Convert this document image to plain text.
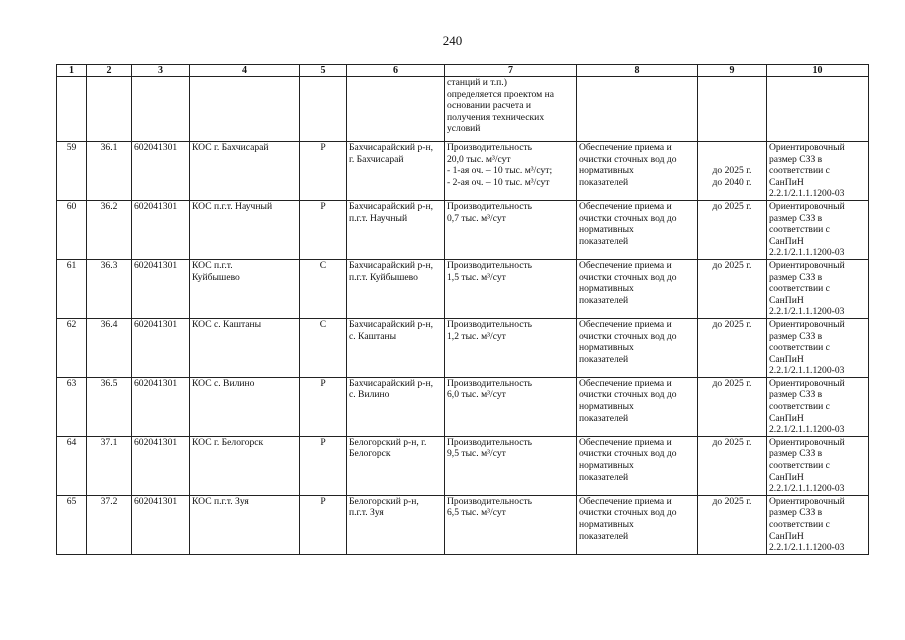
240
1	2	3	4	5	6	7	8	9	10

						станций и т.п.)
определяется проектом на
основании расчета и
получения технических
условий			

59	36.1	602041301	КОС г. Бахчисарай	Р	Бахчисарайский р-н,
г. Бахчисарай	Производительность
20,0 тыс. м³/сут
- 1-ая оч. – 10 тыс. м³/сут;
- 2-ая оч. – 10 тыс. м³/сут	Обеспечение приема и
очистки сточных вод до
нормативных
показателей	до 2025 г.
до 2040 г.	Ориентировочный
размер СЗЗ в
соответствии с
СанПиН
2.2.1/2.1.1.1200-03

60	36.2	602041301	КОС п.г.т. Научный	Р	Бахчисарайский р-н,
п.г.т. Научный	Производительность
0,7 тыс. м³/сут	Обеспечение приема и
очистки сточных вод до
нормативных
показателей	до 2025 г.	Ориентировочный
размер СЗЗ в
соответствии с
СанПиН
2.2.1/2.1.1.1200-03

61	36.3	602041301	КОС п.г.т.
Куйбышево	С	Бахчисарайский р-н,
п.г.т. Куйбышево	Производительность
1,5 тыс. м³/сут	Обеспечение приема и
очистки сточных вод до
нормативных
показателей	до 2025 г.	Ориентировочный
размер СЗЗ в
соответствии с
СанПиН
2.2.1/2.1.1.1200-03

62	36.4	602041301	КОС с. Каштаны	С	Бахчисарайский р-н,
с. Каштаны	Производительность
1,2 тыс. м³/сут	Обеспечение приема и
очистки сточных вод до
нормативных
показателей	до 2025 г.	Ориентировочный
размер СЗЗ в
соответствии с
СанПиН
2.2.1/2.1.1.1200-03

63	36.5	602041301	КОС с. Вилино	Р	Бахчисарайский р-н,
с. Вилино	Производительность
6,0 тыс. м³/сут	Обеспечение приема и
очистки сточных вод до
нормативных
показателей	до 2025 г.	Ориентировочный
размер СЗЗ в
соответствии с
СанПиН
2.2.1/2.1.1.1200-03

64	37.1	602041301	КОС г. Белогорск	Р	Белогорский р-н, г.
Белогорск	Производительность
9,5 тыс. м³/сут	Обеспечение приема и
очистки сточных вод до
нормативных
показателей	до 2025 г.	Ориентировочный
размер СЗЗ в
соответствии с
СанПиН
2.2.1/2.1.1.1200-03

65	37.2	602041301	КОС п.г.т. Зуя	Р	Белогорский р-н,
п.г.т. Зуя	Производительность
6,5 тыс. м³/сут	Обеспечение приема и
очистки сточных вод до
нормативных
показателей	до 2025 г.	Ориентировочный
размер СЗЗ в
соответствии с
СанПиН
2.2.1/2.1.1.1200-03
